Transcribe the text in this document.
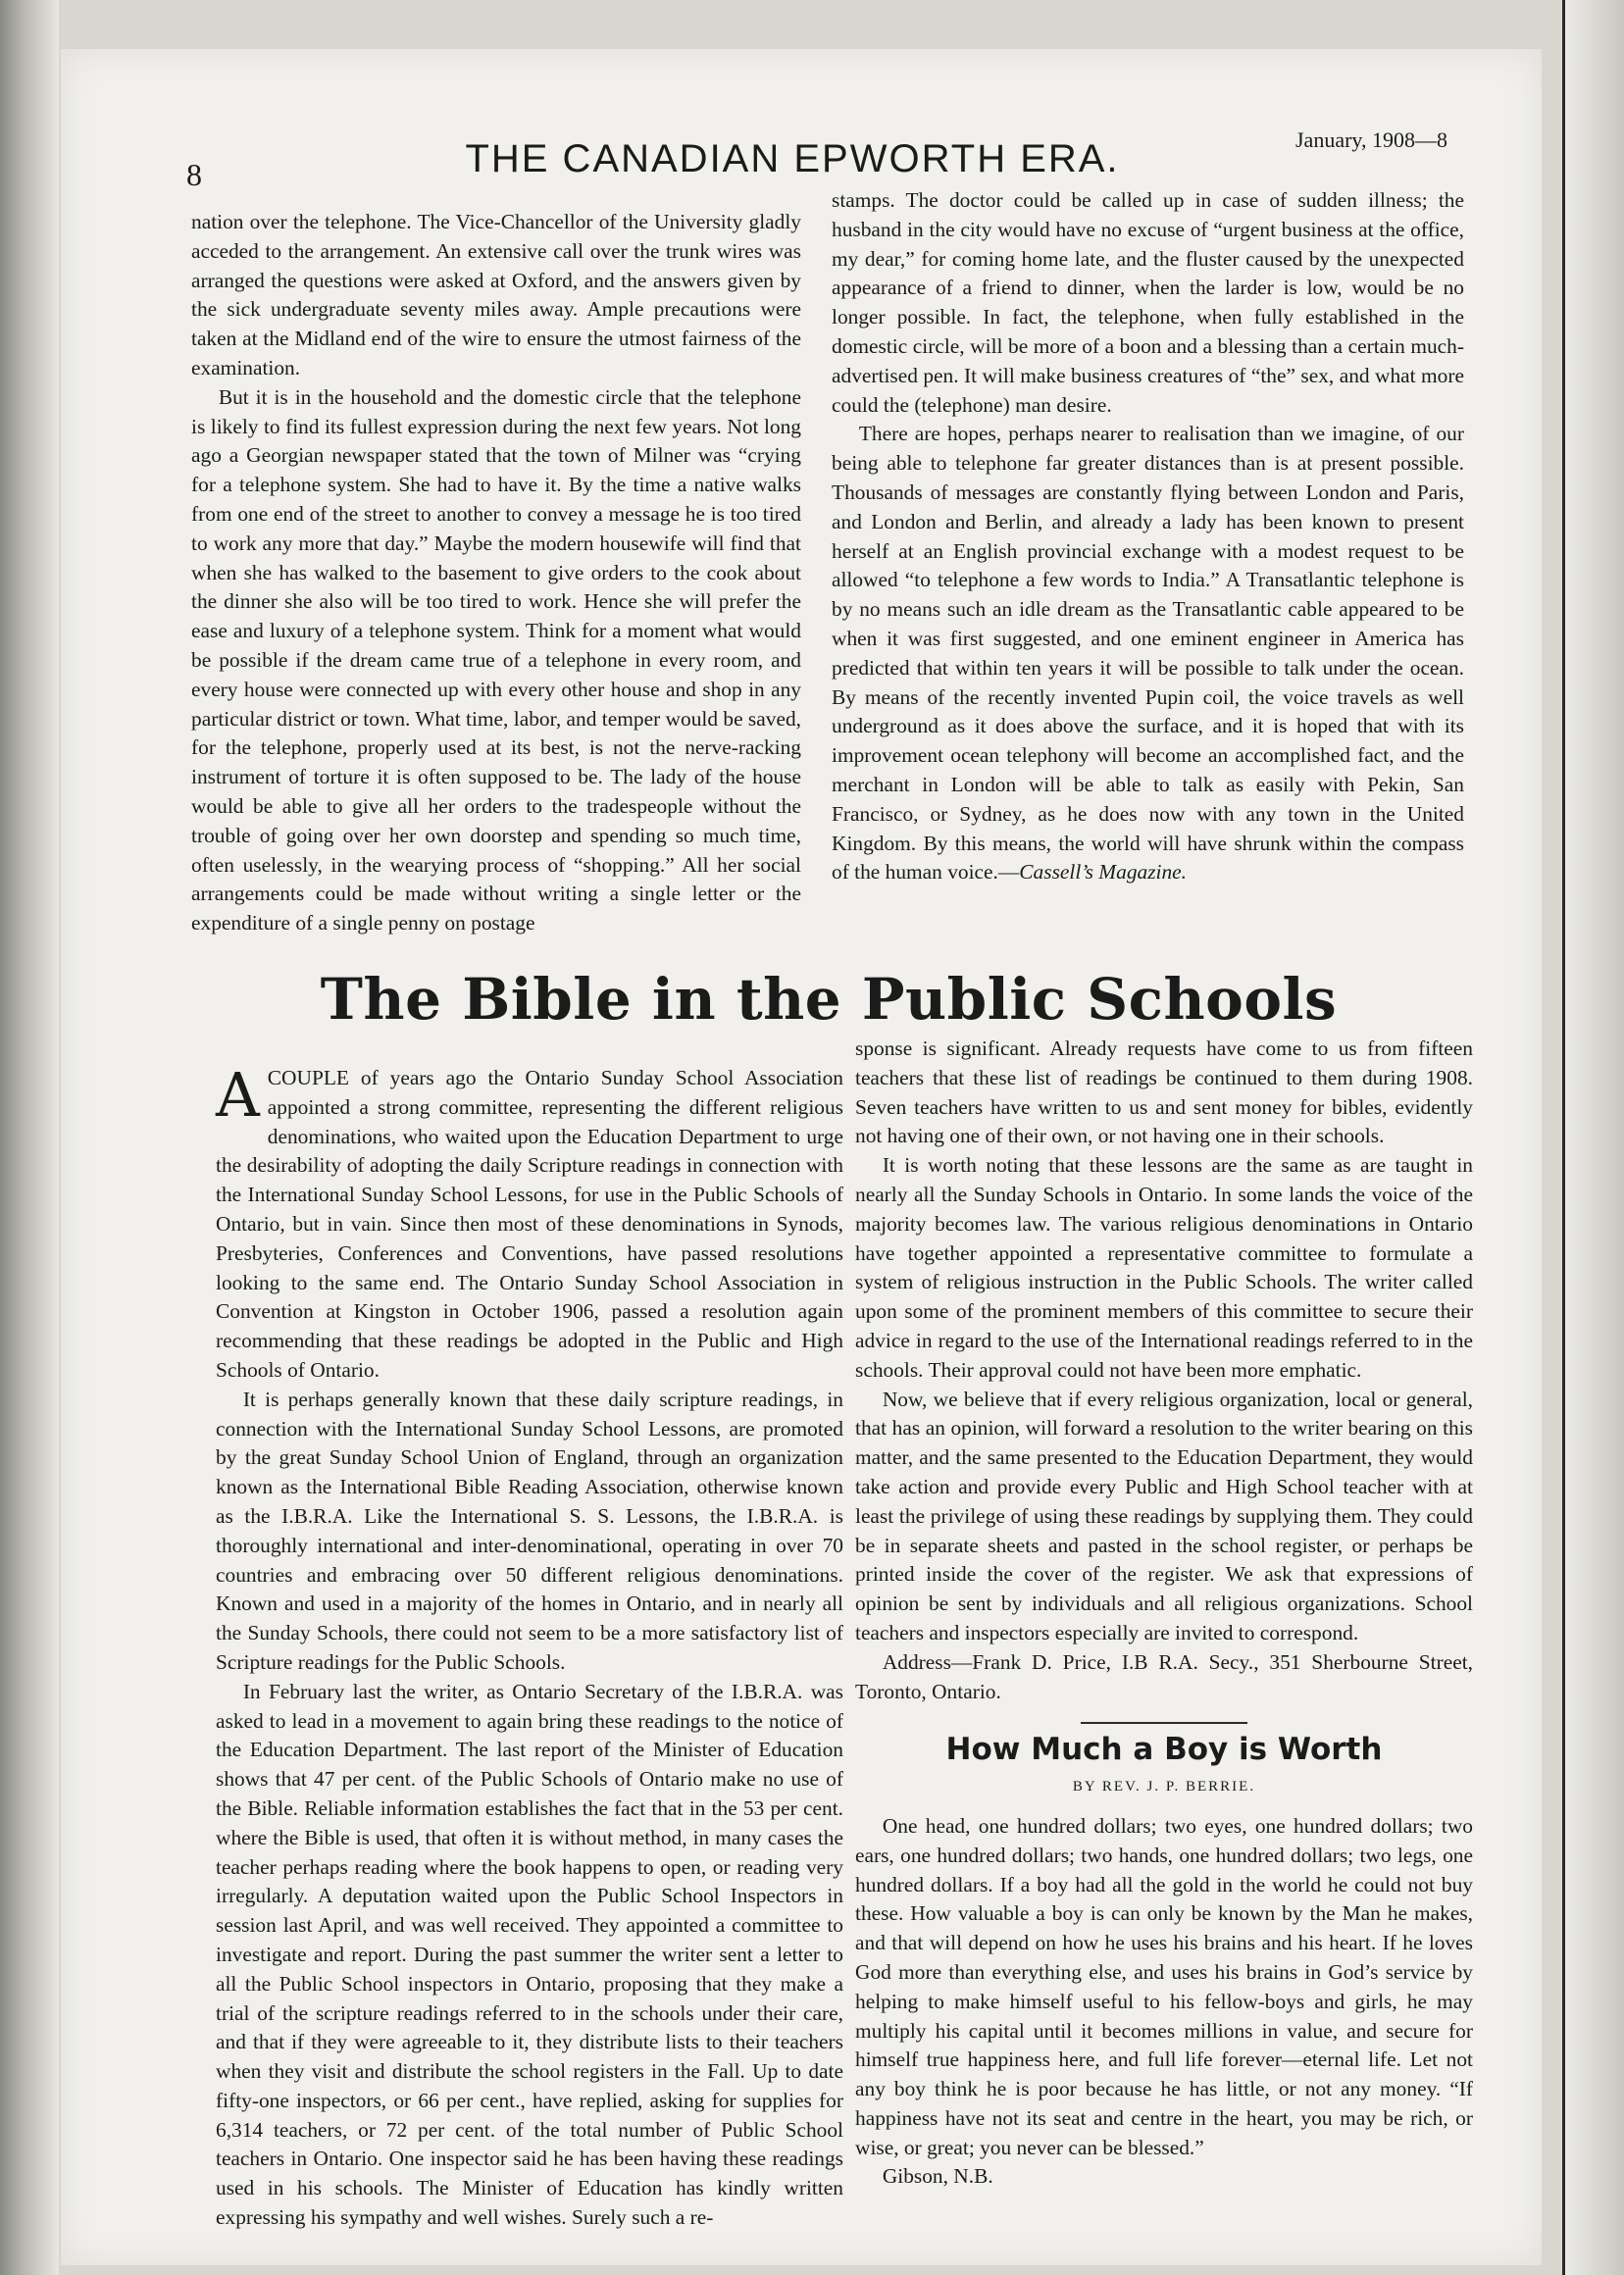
8	THE CANADIAN EPWORTH ERA.	January, 1908—8

nation over the telephone. The Vice-Chancellor of the University gladly acceded to the arrangement. An extensive call over the trunk wires was arranged the questions were asked at Oxford, and the answers given by the sick undergraduate seventy miles away. Ample precautions were taken at the Midland end of the wire to ensure the utmost fairness of the examination.

But it is in the household and the domestic circle that the telephone is likely to find its fullest expression during the next few years. Not long ago a Georgian newspaper stated that the town of Milner was “crying for a telephone system. She had to have it. By the time a native walks from one end of the street to another to convey a message he is too tired to work any more that day.” Maybe the modern housewife will find that when she has walked to the basement to give orders to the cook about the dinner she also will be too tired to work. Hence she will prefer the ease and luxury of a telephone system. Think for a moment what would be possible if the dream came true of a telephone in every room, and every house were connected up with every other house and shop in any particular district or town. What time, labor, and temper would be saved, for the telephone, properly used at its best, is not the nerve-racking instrument of torture it is often supposed to be. The lady of the house would be able to give all her orders to the tradespeople without the trouble of going over her own doorstep and spending so much time, often uselessly, in the wearying process of “shopping.” All her social arrangements could be made without writing a single letter or the expenditure of a single penny on postage

stamps. The doctor could be called up in case of sudden illness; the husband in the city would have no excuse of “urgent business at the office, my dear,” for coming home late, and the fluster caused by the unexpected appearance of a friend to dinner, when the larder is low, would be no longer possible. In fact, the telephone, when fully established in the domestic circle, will be more of a boon and a blessing than a certain much-advertised pen. It will make business creatures of “the” sex, and what more could the (telephone) man desire.

There are hopes, perhaps nearer to realisation than we imagine, of our being able to telephone far greater distances than is at present possible. Thousands of messages are constantly flying between London and Paris, and London and Berlin, and already a lady has been known to present herself at an English provincial exchange with a modest request to be allowed “to telephone a few words to India.” A Transatlantic telephone is by no means such an idle dream as the Transatlantic cable appeared to be when it was first suggested, and one eminent engineer in America has predicted that within ten years it will be possible to talk under the ocean. By means of the recently invented Pupin coil, the voice travels as well underground as it does above the surface, and it is hoped that with its improvement ocean telephony will become an accomplished fact, and the merchant in London will be able to talk as easily with Pekin, San Francisco, or Sydney, as he does now with any town in the United Kingdom. By this means, the world will have shrunk within the compass of the human voice.—Cassell’s Magazine.

The Bible in the Public Schools

ACOUPLE of years ago the Ontario Sunday School Association appointed a strong committee, representing the different religious denominations, who waited upon the Education Department to urge the desirability of adopting the daily Scripture readings in connection with the International Sunday School Lessons, for use in the Public Schools of Ontario, but in vain. Since then most of these denominations in Synods, Presbyteries, Conferences and Conventions, have passed resolutions looking to the same end. The Ontario Sunday School Association in Convention at Kingston in October 1906, passed a resolution again recommending that these readings be adopted in the Public and High Schools of Ontario.

It is perhaps generally known that these daily scripture readings, in connection with the International Sunday School Lessons, are promoted by the great Sunday School Union of England, through an organization known as the International Bible Reading Association, otherwise known as the I.B.R.A. Like the International S. S. Lessons, the I.B.R.A. is thoroughly international and inter-denominational, operating in over 70 countries and embracing over 50 different religious denominations. Known and used in a majority of the homes in Ontario, and in nearly all the Sunday Schools, there could not seem to be a more satisfactory list of Scripture readings for the Public Schools.

In February last the writer, as Ontario Secretary of the I.B.R.A. was asked to lead in a movement to again bring these readings to the notice of the Education Department. The last report of the Minister of Education shows that 47 per cent. of the Public Schools of Ontario make no use of the Bible. Reliable information establishes the fact that in the 53 per cent. where the Bible is used, that often it is without method, in many cases the teacher perhaps reading where the book happens to open, or reading very irregularly. A deputation waited upon the Public School Inspectors in session last April, and was well received. They appointed a committee to investigate and report. During the past summer the writer sent a letter to all the Public School inspectors in Ontario, proposing that they make a trial of the scripture readings referred to in the schools under their care, and that if they were agreeable to it, they distribute lists to their teachers when they visit and distribute the school registers in the Fall. Up to date fifty-one inspectors, or 66 per cent., have replied, asking for supplies for 6,314 teachers, or 72 per cent. of the total number of Public School teachers in Ontario. One inspector said he has been having these readings used in his schools. The Minister of Education has kindly written expressing his sympathy and well wishes. Surely such a re-

sponse is significant. Already requests have come to us from fifteen teachers that these list of readings be continued to them during 1908. Seven teachers have written to us and sent money for bibles, evidently not having one of their own, or not having one in their schools.

It is worth noting that these lessons are the same as are taught in nearly all the Sunday Schools in Ontario. In some lands the voice of the majority becomes law. The various religious denominations in Ontario have together appointed a representative committee to formulate a system of religious instruction in the Public Schools. The writer called upon some of the prominent members of this committee to secure their advice in regard to the use of the International readings referred to in the schools. Their approval could not have been more emphatic.

Now, we believe that if every religious organization, local or general, that has an opinion, will forward a resolution to the writer bearing on this matter, and the same presented to the Education Department, they would take action and provide every Public and High School teacher with at least the privilege of using these readings by supplying them. They could be in separate sheets and pasted in the school register, or perhaps be printed inside the cover of the register. We ask that expressions of opinion be sent by individuals and all religious organizations. School teachers and inspectors especially are invited to correspond.

Address—Frank D. Price, I.B R.A. Secy., 351 Sherbourne Street, Toronto, Ontario.

How Much a Boy is Worth
BY REV. J. P. BERRIE.

One head, one hundred dollars; two eyes, one hundred dollars; two ears, one hundred dollars; two hands, one hundred dollars; two legs, one hundred dollars. If a boy had all the gold in the world he could not buy these. How valuable a boy is can only be known by the Man he makes, and that will depend on how he uses his brains and his heart. If he loves God more than everything else, and uses his brains in God’s service by helping to make himself useful to his fellow-boys and girls, he may multiply his capital until it becomes millions in value, and secure for himself true happiness here, and full life forever—eternal life. Let not any boy think he is poor because he has little, or not any money. “If happiness have not its seat and centre in the heart, you may be rich, or wise, or great; you never can be blessed.”

Gibson, N.B.
